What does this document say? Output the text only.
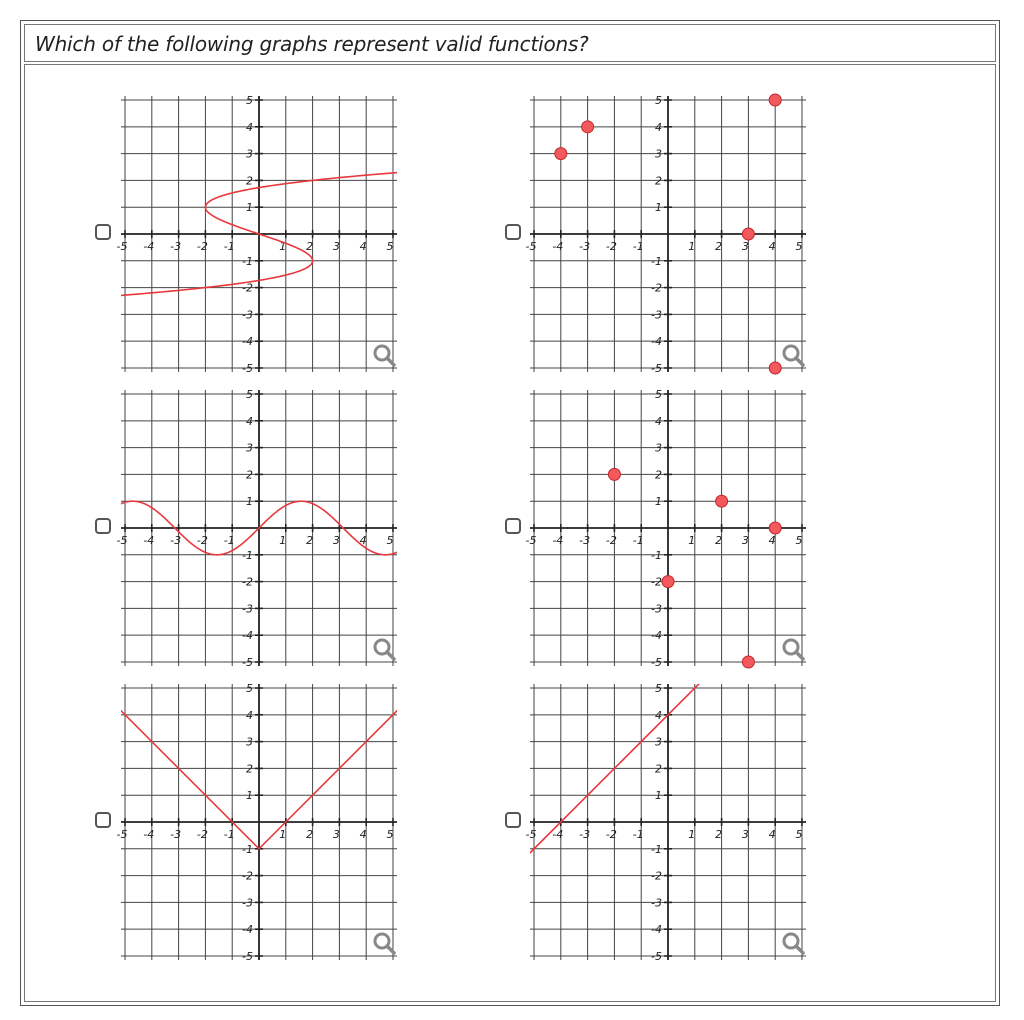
Which of the following graphs represent valid functions?
-5 -4 -3 -2 -1	1 2 3 4 5
5
4
3
2
1
-1
-2
-3
-4
-5
-5 -4 -3 -2 -1	1 2 3 4 5
5
4
3
2
1
-1
-2
-3
-4
-5
-5 -4 -3 -2 -1	1 2 3 4 5
5
4
3
2
1
-1
-2
-3
-4
-5
-5 -4 -3 -2 -1	1 2 3 4 5
5
4
3
2
1
-1
-2
-3
-4
-5
-5 -4 -3 -2 -1	1 2 3 4 5
5
4
3
2
1
-1
-2
-3
-4
-5
-5 -4 -3 -2 -1	1 2 3 4 5
5
4
3
2
1
-1
-2
-3
-4
-5
